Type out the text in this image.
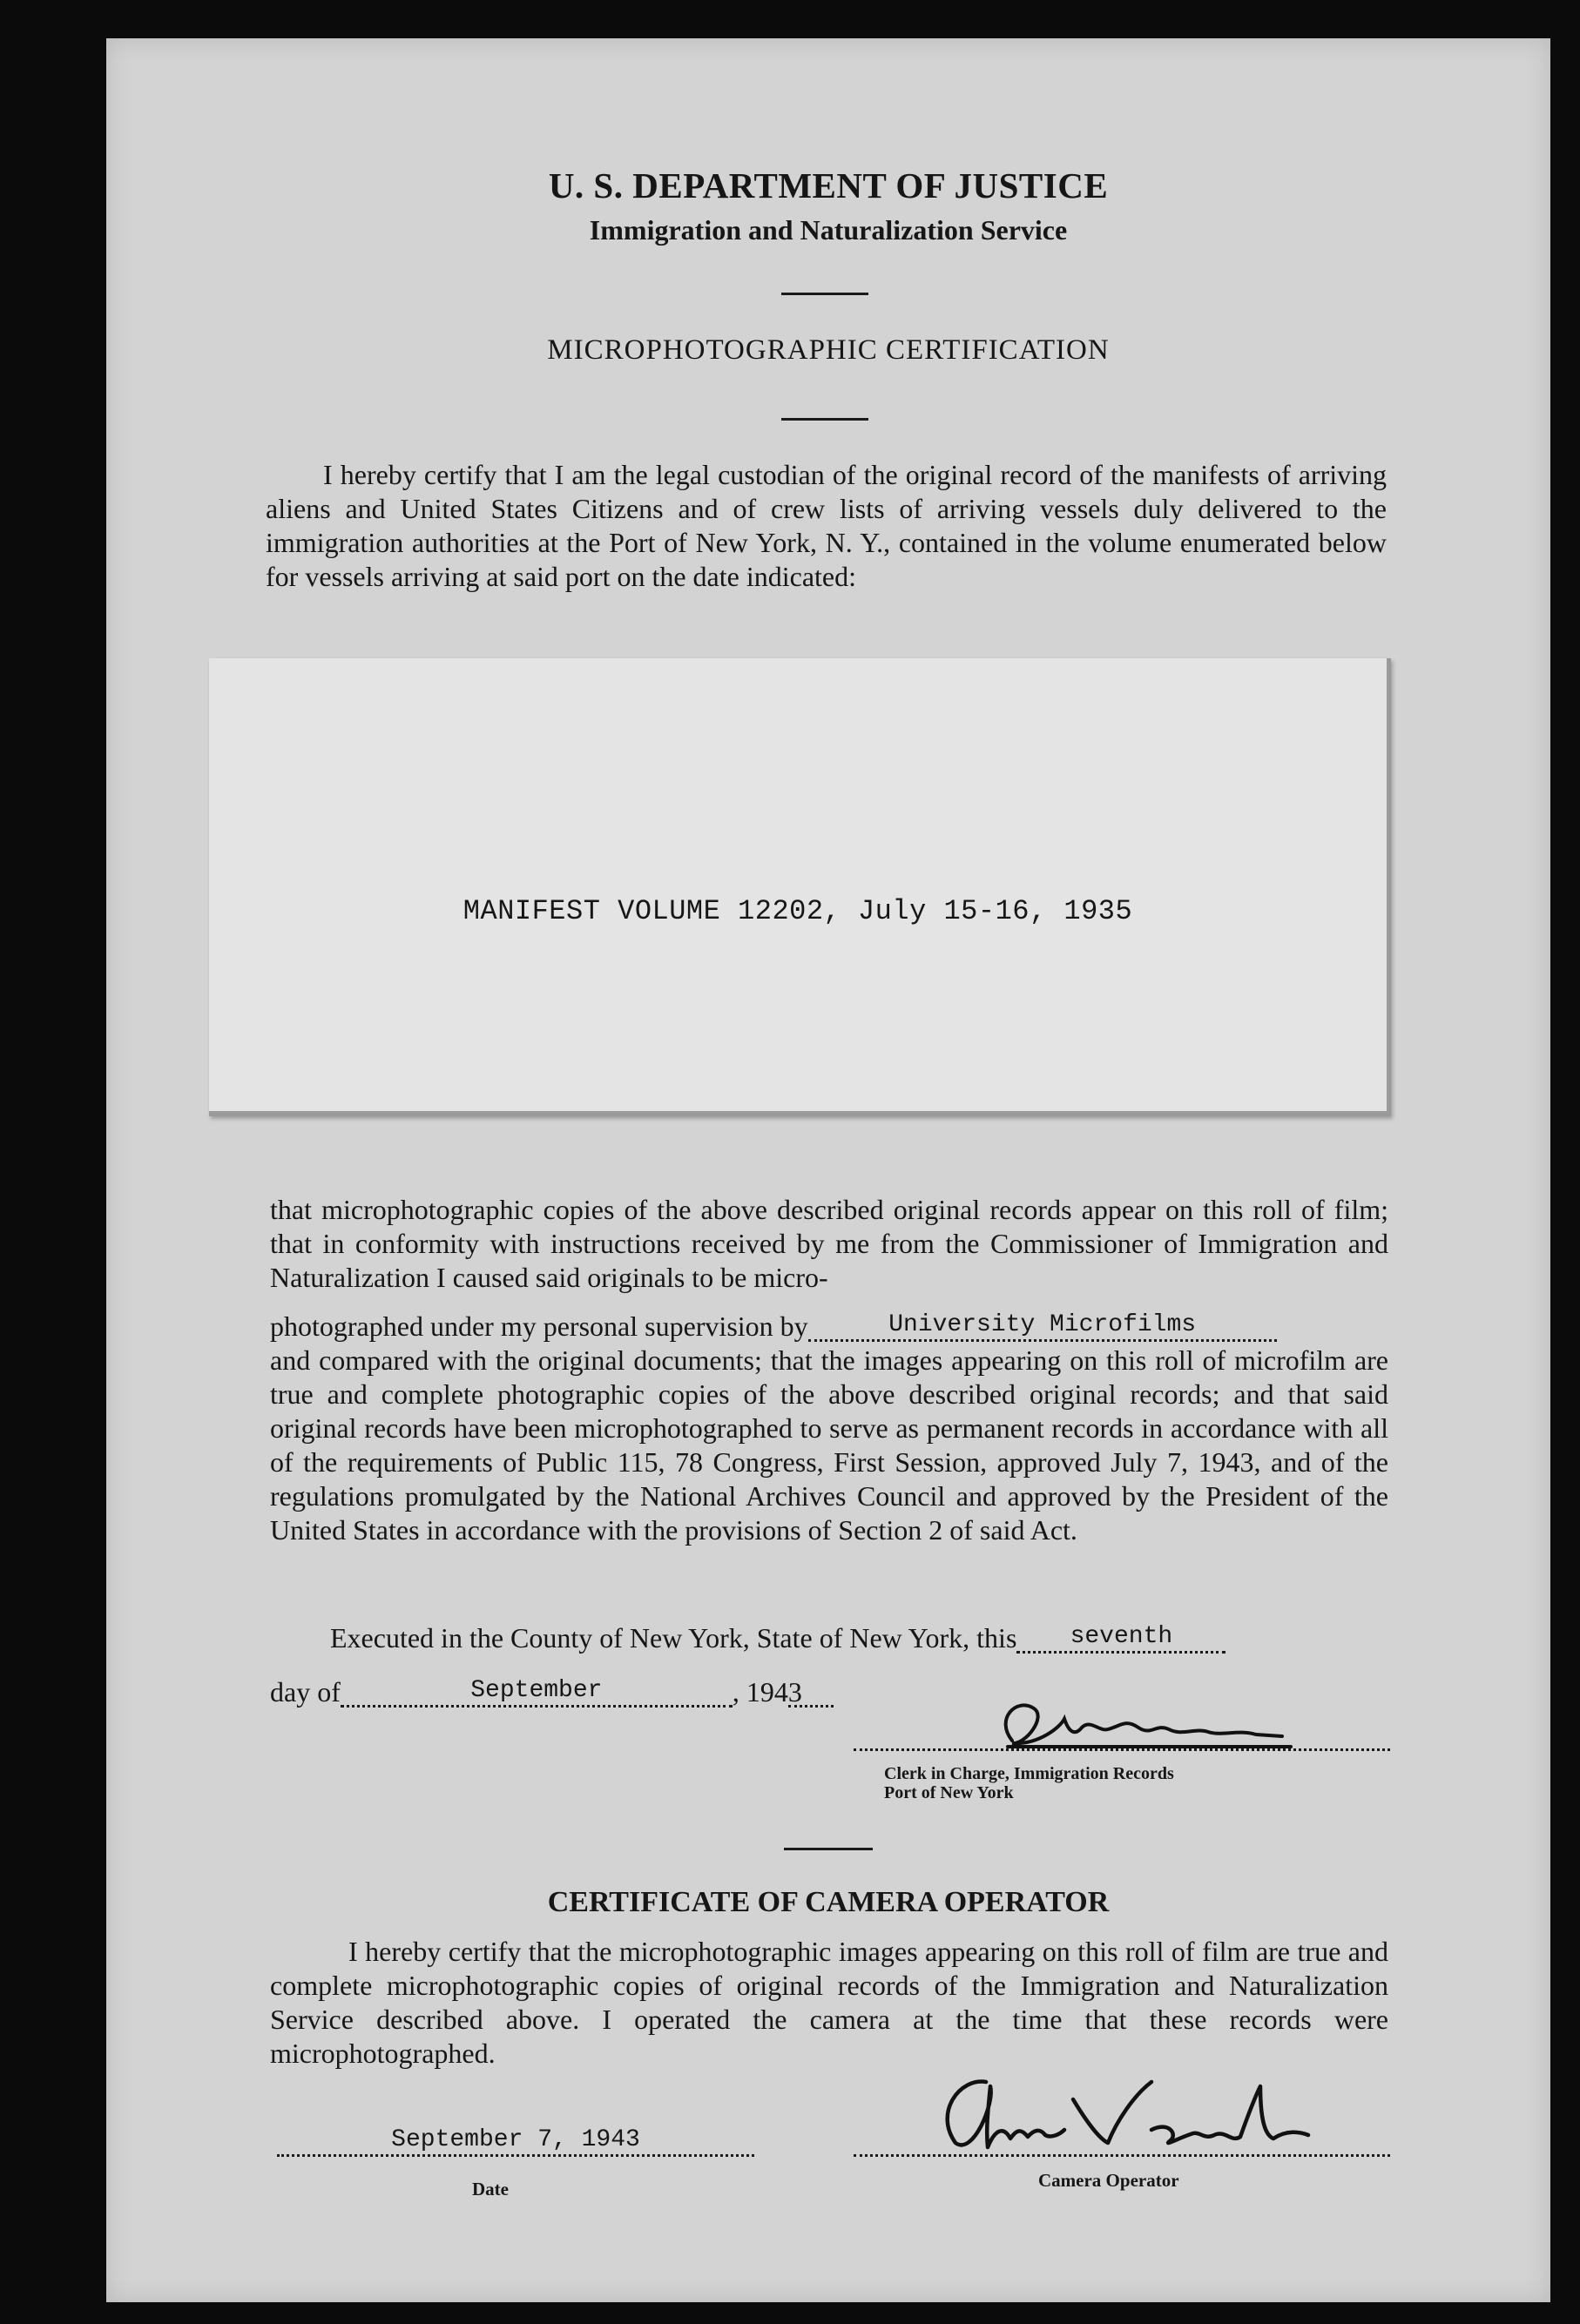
U. S. DEPARTMENT OF JUSTICE
Immigration and Naturalization Service
MICROPHOTOGRAPHIC CERTIFICATION
I hereby certify that I am the legal custodian of the original record of the manifests of arriving aliens and United States Citizens and of crew lists of arriving vessels duly delivered to the immigration authorities at the Port of New York, N. Y., contained in the volume enumerated below for vessels arriving at said port on the date indicated:
MANIFEST VOLUME 12202, July 15-16, 1935
that microphotographic copies of the above described original records appear on this roll of film; that in conformity with instructions received by me from the Commissioner of Immigration and Naturalization I caused said originals to be micro-
photographed under my personal supervision by	University Microfilms
and compared with the original documents; that the images appearing on this roll of microfilm are true and complete photographic copies of the above described original records; and that said original records have been microphotographed to serve as permanent records in accordance with all of the requirements of Public 115, 78 Congress, First Session, approved July 7, 1943, and of the regulations promulgated by the National Archives Council and approved by the President of the United States in accordance with the provisions of Section 2 of said Act.
Executed in the County of New York, State of New York, this seventh
day of	September	, 1943
Clerk in Charge, Immigration Records
Port of New York
CERTIFICATE OF CAMERA OPERATOR
I hereby certify that the microphotographic images appearing on this roll of film are true and complete microphotographic copies of original records of the Immigration and Naturalization Service described above. I operated the camera at the time that these records were microphotographed.
September 7, 1943
Date	Camera Operator
